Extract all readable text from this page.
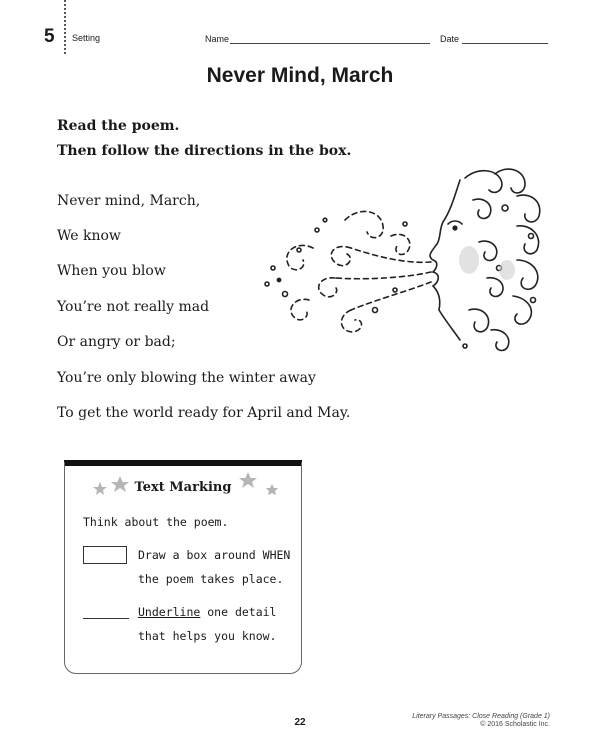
5 Setting	Name	Date
Never Mind, March
Read the poem.
Then follow the directions in the box.
Never mind, March,
We know
When you blow
You’re not really mad
Or angry or bad;
You’re only blowing the winter away
To get the world ready for April and May.
Text Marking
Think about the poem.
Draw a box around WHEN
the poem takes place.
Underline one detail
that helps you know.
22
Literary Passages: Close Reading (Grade 1)
© 2016 Scholastic Inc.
